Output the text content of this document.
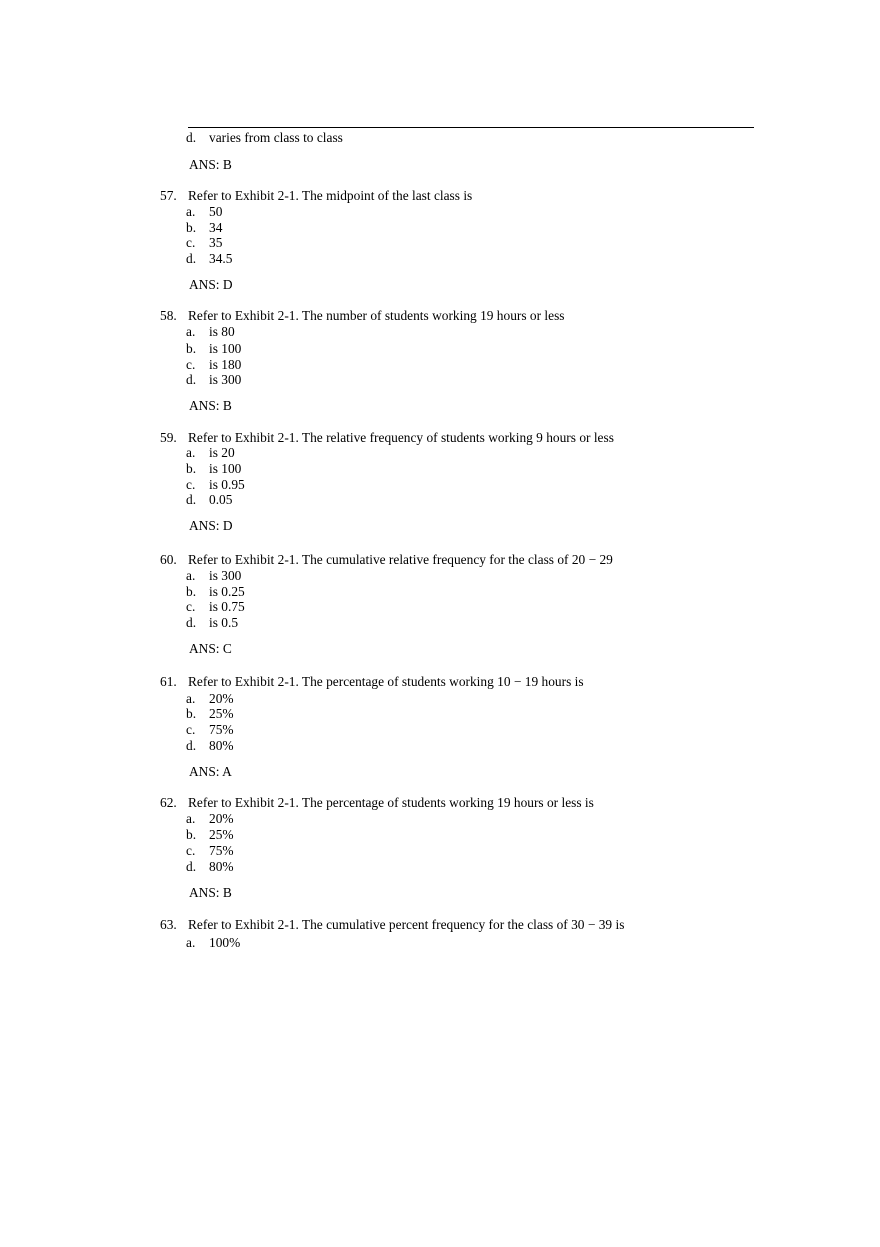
d. varies from class to class
ANS: B
57. Refer to Exhibit 2-1. The midpoint of the last class is
a. 50
b. 34
c. 35
d. 34.5
ANS: D
58. Refer to Exhibit 2-1. The number of students working 19 hours or less
a. is 80
b. is 100
c. is 180
d. is 300
ANS: B
59. Refer to Exhibit 2-1. The relative frequency of students working 9 hours or less
a. is 20
b. is 100
c. is 0.95
d. 0.05
ANS: D
60. Refer to Exhibit 2-1. The cumulative relative frequency for the class of 20 − 29
a. is 300
b. is 0.25
c. is 0.75
d. is 0.5
ANS: C
61. Refer to Exhibit 2-1. The percentage of students working 10 − 19 hours is
a. 20%
b. 25%
c. 75%
d. 80%
ANS: A
62. Refer to Exhibit 2-1. The percentage of students working 19 hours or less is
a. 20%
b. 25%
c. 75%
d. 80%
ANS: B
63. Refer to Exhibit 2-1. The cumulative percent frequency for the class of 30 − 39 is
a. 100%
